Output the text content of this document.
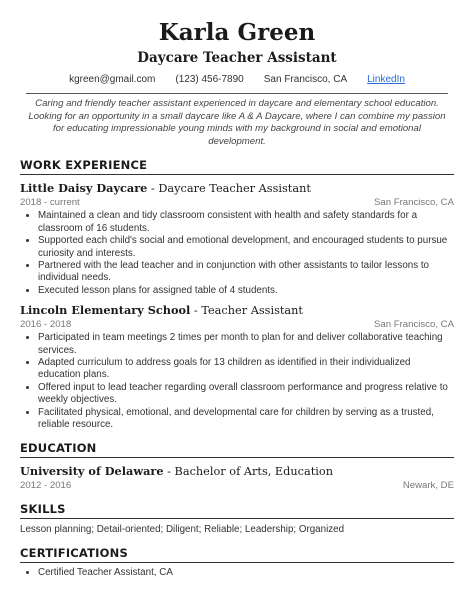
Karla Green
Daycare Teacher Assistant
kgreen@gmail.com (123) 456-7890 San Francisco, CA LinkedIn
Caring and friendly teacher assistant experienced in daycare and elementary school education. Looking for an opportunity in a small daycare like A & A Daycare, where I can combine my passion for educating impressionable young minds with my background in social and emotional development.
WORK EXPERIENCE
Little Daisy Daycare - Daycare Teacher Assistant
2018 - current	San Francisco, CA
• Maintained a clean and tidy classroom consistent with health and safety standards for a classroom of 16 students.
• Supported each child's social and emotional development, and encouraged students to pursue curiosity and interests.
• Partnered with the lead teacher and in conjunction with other assistants to tailor lessons to individual needs.
• Executed lesson plans for assigned table of 4 students.
Lincoln Elementary School - Teacher Assistant
2016 - 2018	San Francisco, CA
• Participated in team meetings 2 times per month to plan for and deliver collaborative teaching services.
• Adapted curriculum to address goals for 13 children as identified in their individualized education plans.
• Offered input to lead teacher regarding overall classroom performance and progress relative to weekly objectives.
• Facilitated physical, emotional, and developmental care for children by serving as a trusted, reliable resource.
EDUCATION
University of Delaware - Bachelor of Arts, Education
2012 - 2016	Newark, DE
SKILLS
Lesson planning; Detail-oriented; Diligent; Reliable; Leadership; Organized
CERTIFICATIONS
• Certified Teacher Assistant, CA
